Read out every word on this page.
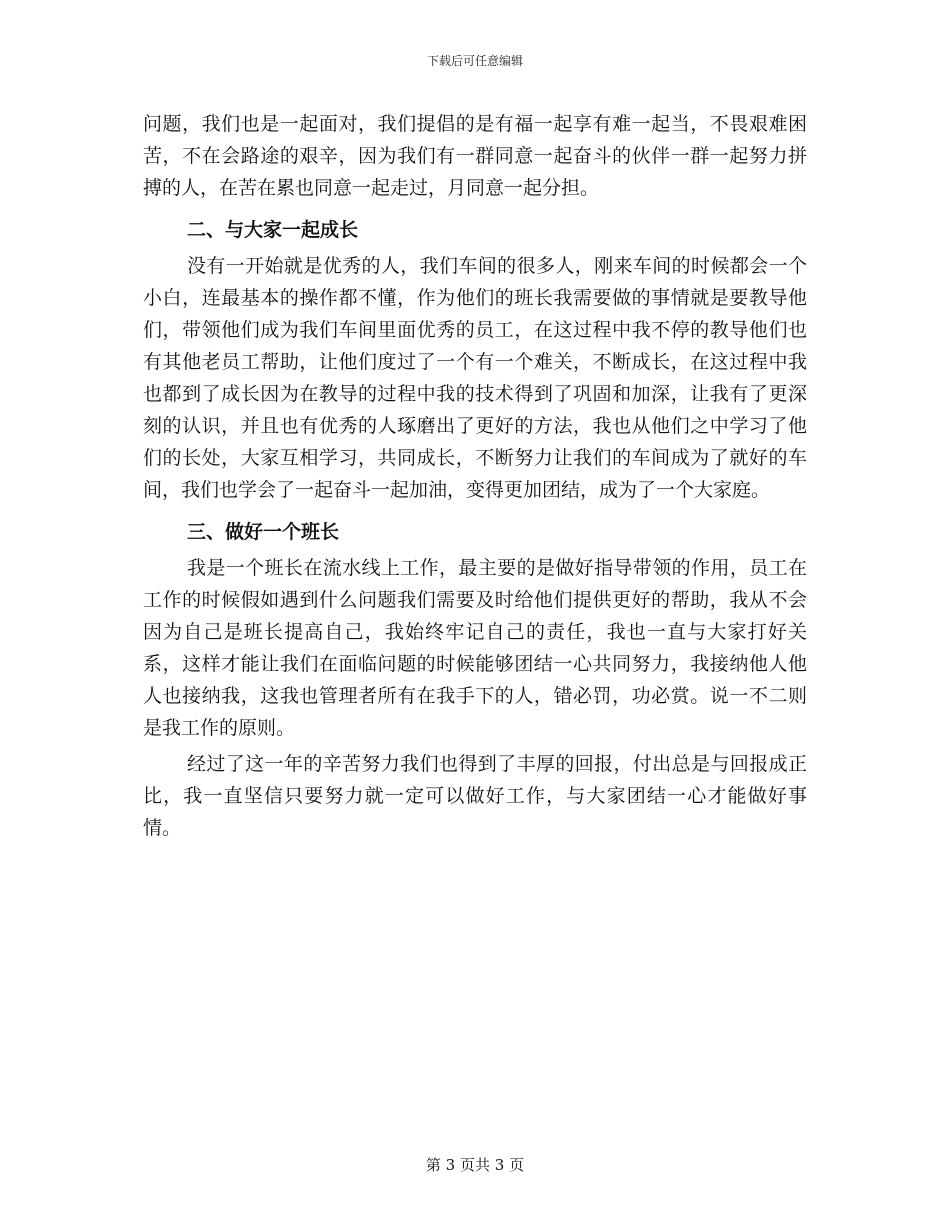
下载后可任意编辑

问题，我们也是一起面对，我们提倡的是有福一起享有难一起当，不畏艰难困苦，不在会路途的艰辛，因为我们有一群同意一起奋斗的伙伴一群一起努力拼搏的人，在苦在累也同意一起走过，月同意一起分担。

二、与大家一起成长

没有一开始就是优秀的人，我们车间的很多人，刚来车间的时候都会一个小白，连最基本的操作都不懂，作为他们的班长我需要做的事情就是要教导他们，带领他们成为我们车间里面优秀的员工，在这过程中我不停的教导他们也有其他老员工帮助，让他们度过了一个有一个难关，不断成长，在这过程中我也都到了成长因为在教导的过程中我的技术得到了巩固和加深，让我有了更深刻的认识，并且也有优秀的人琢磨出了更好的方法，我也从他们之中学习了他们的长处，大家互相学习，共同成长，不断努力让我们的车间成为了就好的车间，我们也学会了一起奋斗一起加油，变得更加团结，成为了一个大家庭。

三、做好一个班长

我是一个班长在流水线上工作，最主要的是做好指导带领的作用，员工在工作的时候假如遇到什么问题我们需要及时给他们提供更好的帮助，我从不会因为自己是班长提高自己，我始终牢记自己的责任，我也一直与大家打好关系，这样才能让我们在面临问题的时候能够团结一心共同努力，我接纳他人他人也接纳我，这我也管理者所有在我手下的人，错必罚，功必赏。说一不二则是我工作的原则。

经过了这一年的辛苦努力我们也得到了丰厚的回报，付出总是与回报成正比，我一直坚信只要努力就一定可以做好工作，与大家团结一心才能做好事情。

第 3 页共 3 页
